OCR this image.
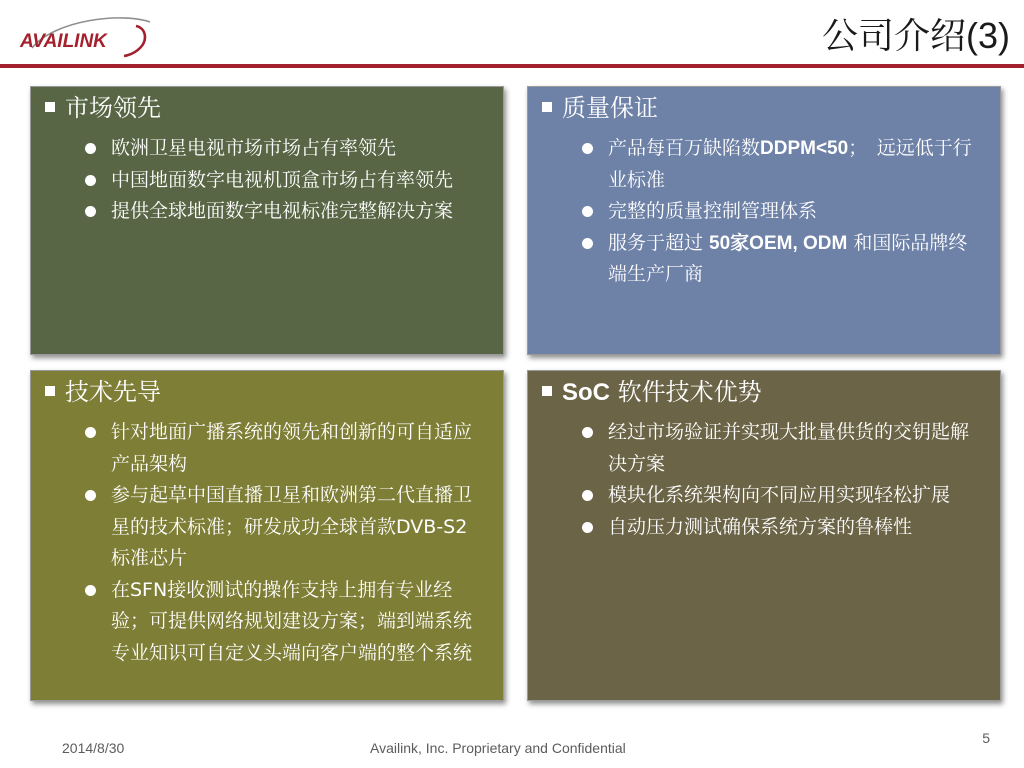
AVAILINK	公司介绍(3)
市场领先
欧洲卫星电视市场市场占有率领先
中国地面数字电视机顶盒市场占有率领先
提供全球地面数字电视标准完整解决方案
质量保证
产品每百万缺陷数DDPM<50；　远远低于行业标准
完整的质量控制管理体系
服务于超过 50家OEM, ODM 和国际品牌终端生产厂商
技术先导
针对地面广播系统的领先和创新的可自适应产品架构
参与起草中国直播卫星和欧洲第二代直播卫星的技术标准；研发成功全球首款DVB-S2标准芯片
在SFN接收测试的操作支持上拥有专业经验；可提供网络规划建设方案；端到端系统专业知识可自定义头端向客户端的整个系统
SoC 软件技术优势
经过市场验证并实现大批量供货的交钥匙解决方案
模块化系统架构向不同应用实现轻松扩展
自动压力测试确保系统方案的鲁棒性
2014/8/30	Availink, Inc. Proprietary and Confidential
5
